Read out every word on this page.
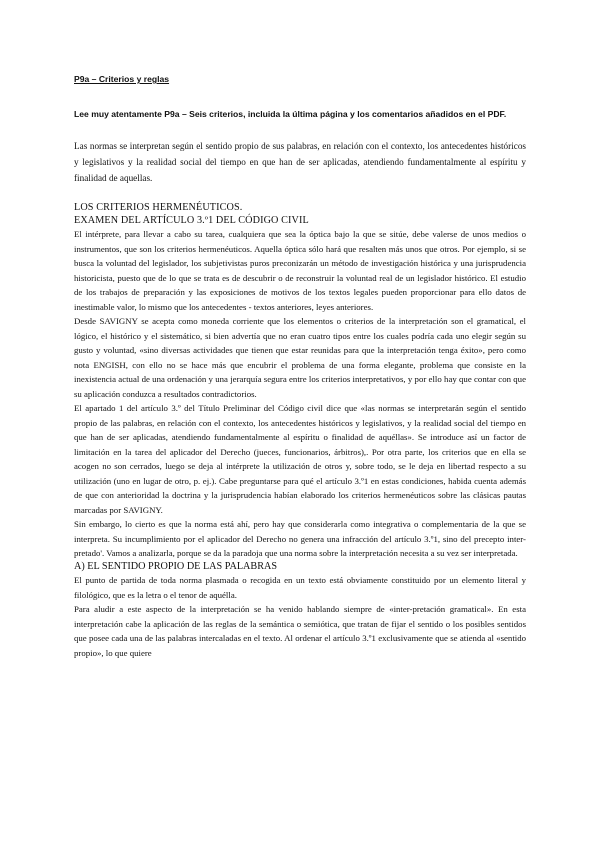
P9a – Criterios y reglas

Lee muy atentamente P9a – Seis criterios, incluida la última página y los comentarios añadidos en el PDF.

Las normas se interpretan según el sentido propio de sus palabras, en relación con el contexto, los antecedentes históricos y legislativos y la realidad social del tiempo en que han de ser aplicadas, atendiendo fundamentalmente al espíritu y finalidad de aquellas.

LOS CRITERIOS HERMENÉUTICOS.

EXAMEN DEL ARTÍCULO 3.º1 DEL CÓDIGO CIVIL

El intérprete, para llevar a cabo su tarea, cualquiera que sea la óptica bajo la que se sitúe, debe valerse de unos medios o instrumentos, que son los criterios hermenéuticos. Aquella óptica sólo hará que resalten más unos que otros. Por ejemplo, si se busca la voluntad del legislador, los subjetivistas puros preconizarán un método de investigación histórica y una jurisprudencia historicista, puesto que de lo que se trata es de descubrir o de reconstruir la voluntad real de un legislador histórico. El estudio de los trabajos de preparación y las exposiciones de motivos de los textos legales pueden proporcionar para ello datos de inestimable valor, lo mismo que los antecedentes - textos anteriores, leyes anteriores.

Desde SAVIGNY se acepta como moneda corriente que los elementos o criterios de la interpretación son el gramatical, el lógico, el histórico y el sistemático, si bien advertía que no eran cuatro tipos entre los cuales podría cada uno elegir según su gusto y voluntad, «sino diversas actividades que tienen que estar reunidas para que la interpretación tenga éxito», pero como nota ENGISH, con ello no se hace más que encubrir el problema de una forma elegante, problema que consiste en la inexistencia actual de una ordenación y una jerarquía segura entre los criterios interpretativos, y por ello hay que contar con que su aplicación conduzca a resultados contradictorios.

El apartado 1 del artículo 3.º del Título Preliminar del Código civil dice que «las normas se interpretarán según el sentido propio de las palabras, en relación con el contexto, los antecedentes históricos y legislativos, y la realidad social del tiempo en que han de ser aplicadas, atendiendo fundamentalmente al espíritu o finalidad de aquéllas». Se introduce así un factor de limitación en la tarea del aplicador del Derecho (jueces, funcionarios, árbitros),. Por otra parte, los criterios que en ella se acogen no son cerrados, luego se deja al intérprete la utilización de otros y, sobre todo, se le deja en libertad respecto a su utilización (uno en lugar de otro, p. ej.). Cabe preguntarse para qué el artículo 3.º1 en estas condiciones, habida cuenta además de que con anterioridad la doctrina y la jurisprudencia habían elaborado los criterios hermenéuticos sobre las clásicas pautas marcadas por SAVIGNY.

Sin embargo, lo cierto es que la norma está ahí, pero hay que considerarla como integrativa o complementaria de la que se interpreta. Su incumplimiento por el aplicador del Derecho no genera una infracción del artículo 3.º1, sino del precepto inter-pretado'. Vamos a analizarla, porque se da la paradoja que una norma sobre la interpretación necesita a su vez ser interpretada.

A) EL SENTIDO PROPIO DE LAS PALABRAS

El punto de partida de toda norma plasmada o recogida en un texto está obviamente constituido por un elemento literal y filológico, que es la letra o el tenor de aquélla.

Para aludir a este aspecto de la interpretación se ha venido hablando siempre de «inter-pretación gramatical». En esta interpretación cabe la aplicación de las reglas de la semántica o semiótica, que tratan de fijar el sentido o los posibles sentidos que posee cada una de las palabras intercaladas en el texto. Al ordenar el artículo 3.º1 exclusivamente que se atienda al «sentido propio», lo que quiere
